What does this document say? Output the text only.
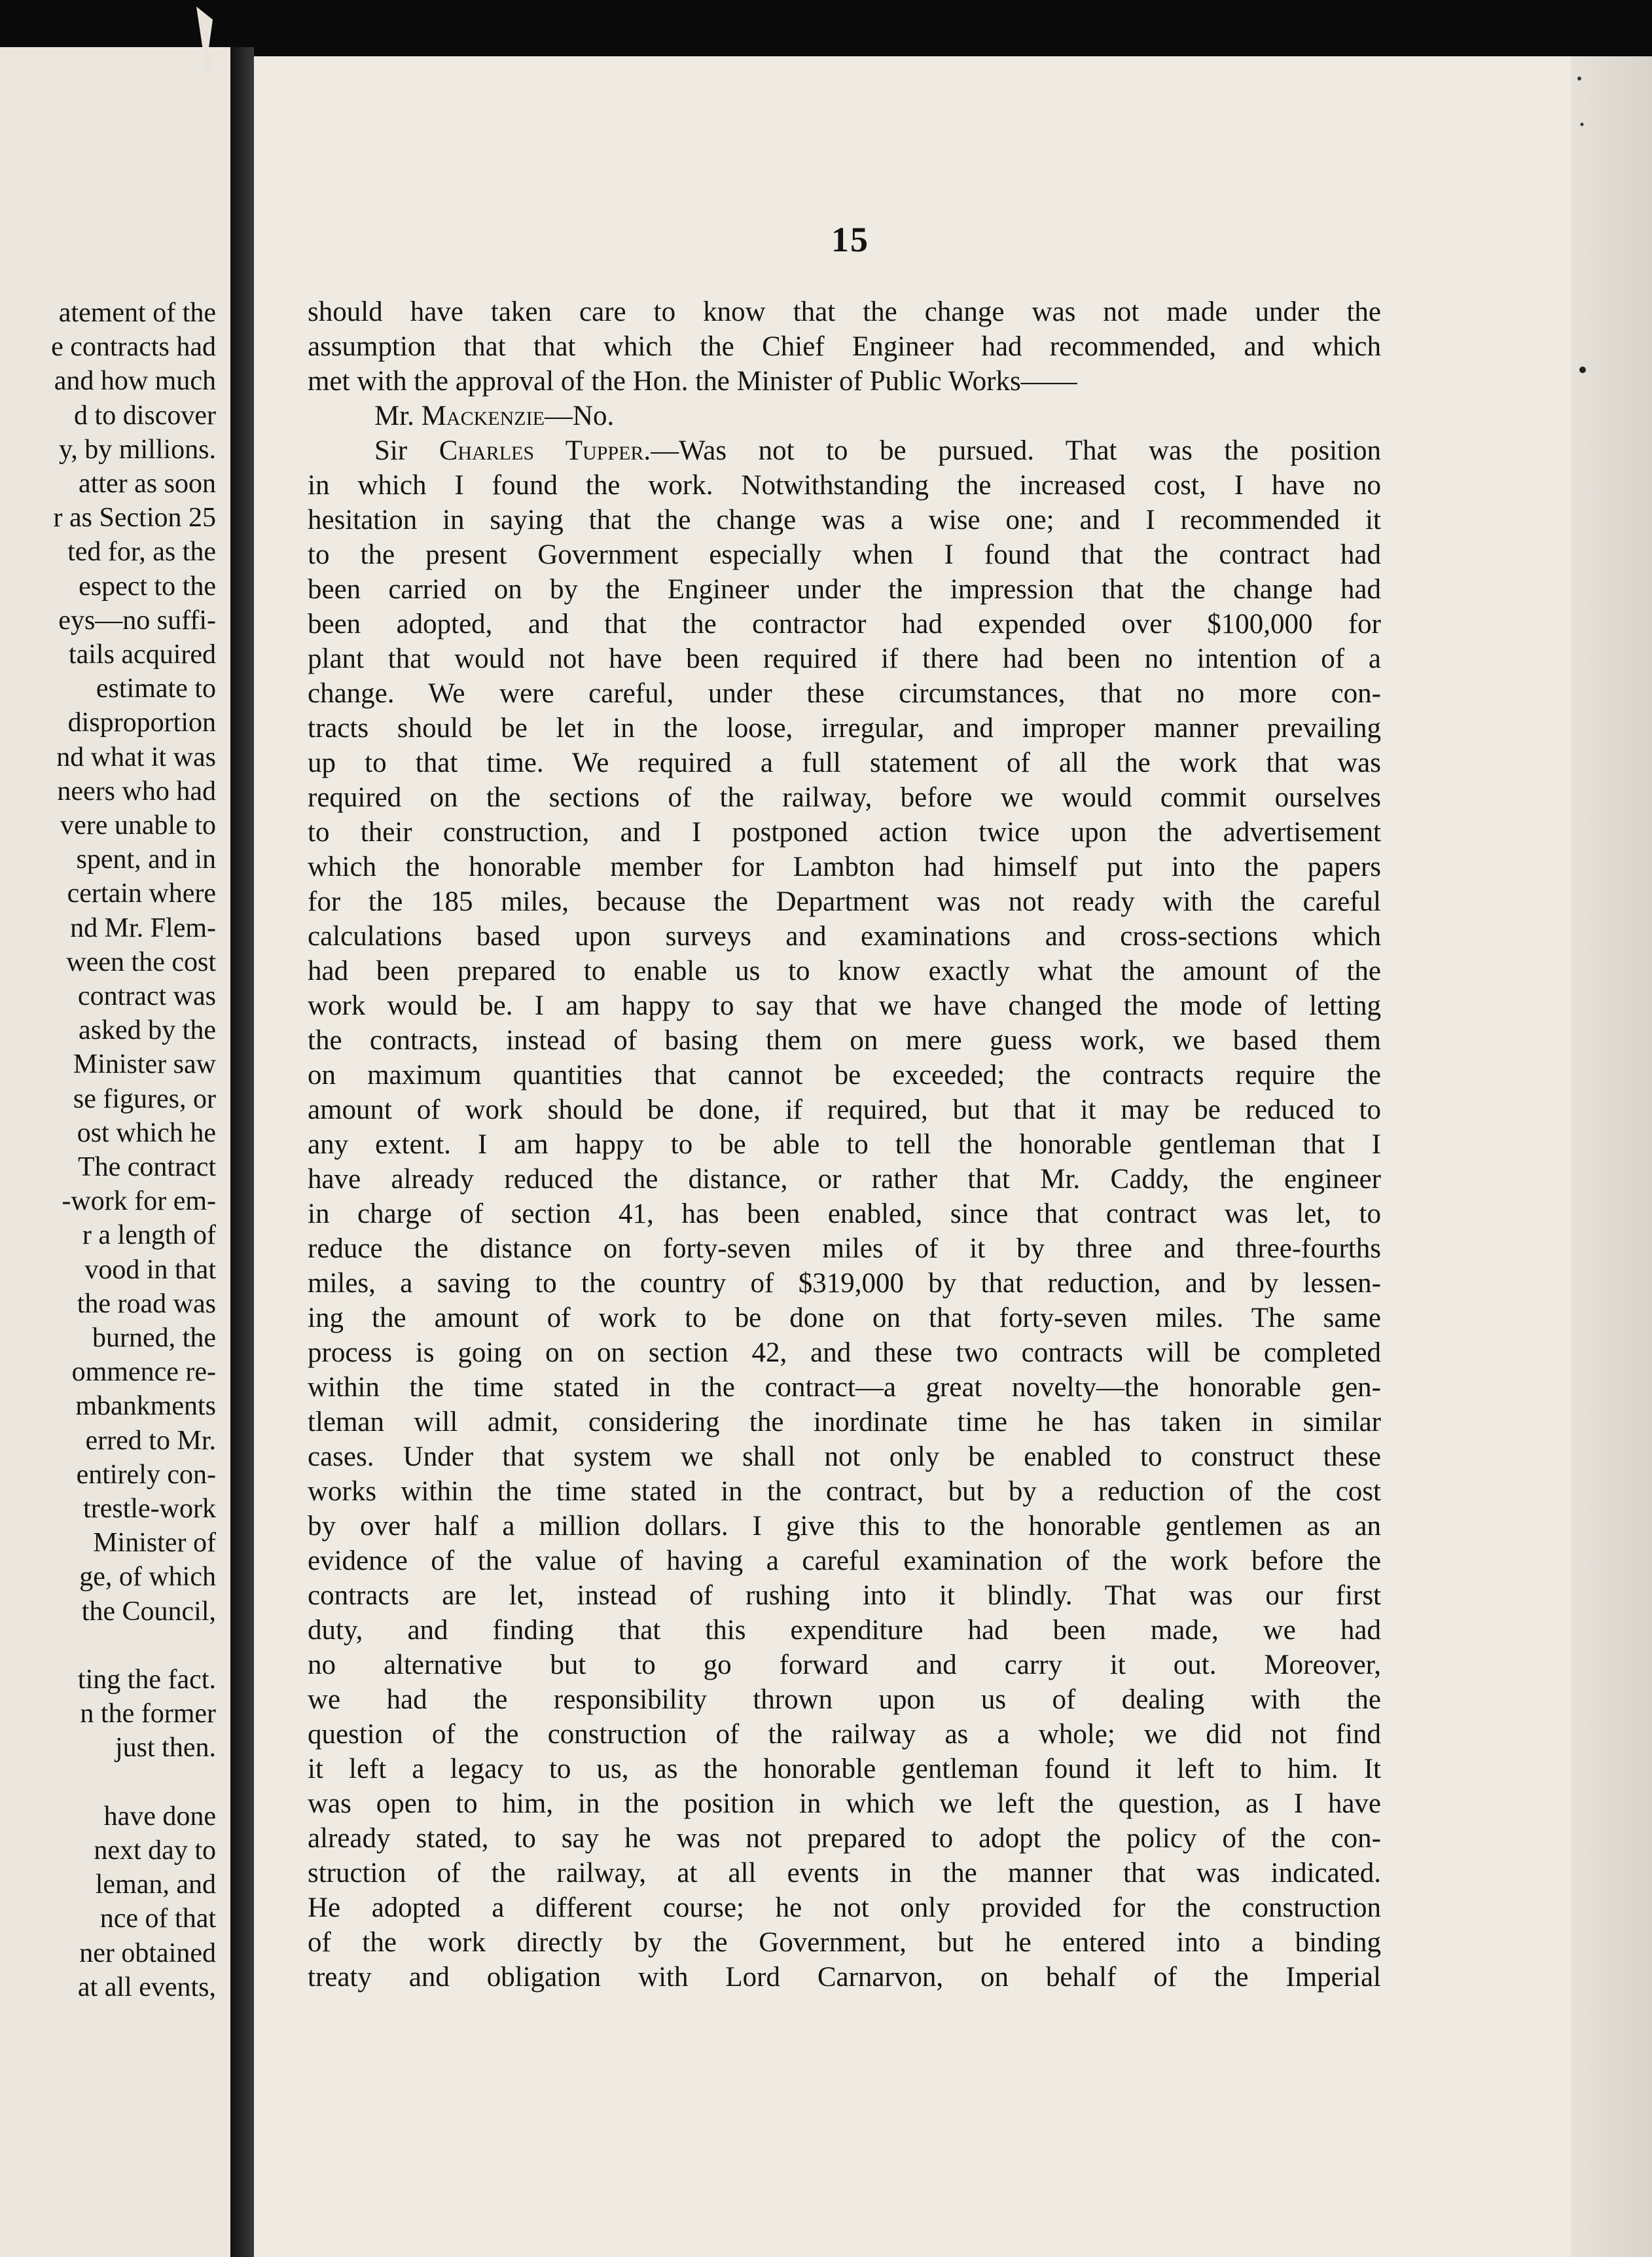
atement of the
e contracts had
and how much
d to discover
y, by millions.
atter as soon
r as Section 25
ted for, as the
espect to the
eys—no suffi-
tails acquired
estimate to
disproportion
nd what it was
neers who had
vere unable to
spent, and in
certain where
nd Mr. Flem-
ween the cost
contract was
asked by the
Minister saw
se figures, or
ost which he
The contract
-work for em-
r a length of
vood in that
the road was
burned, the
ommence re-
mbankments
erred to Mr.
entirely con-
trestle-work
Minister of
ge, of which
the Council,
ting the fact.
n the former
just then.
have done
next day to
leman, and
nce of that
ner obtained
at all events,
15
should have taken care to know that the change was not made under the
assumption that that which the Chief Engineer had recommended, and which
met with the approval of the Hon. the Minister of Public Works——
Mr. Mackenzie—No.
Sir Charles Tupper.—Was not to be pursued. That was the position
in which I found the work. Notwithstanding the increased cost, I have no
hesitation in saying that the change was a wise one; and I recommended it
to the present Government especially when I found that the contract had
been carried on by the Engineer under the impression that the change had
been adopted, and that the contractor had expended over $100,000 for
plant that would not have been required if there had been no intention of a
change. We were careful, under these circumstances, that no more con-
tracts should be let in the loose, irregular, and improper manner prevailing
up to that time. We required a full statement of all the work that was
required on the sections of the railway, before we would commit ourselves
to their construction, and I postponed action twice upon the advertisement
which the honorable member for Lambton had himself put into the papers
for the 185 miles, because the Department was not ready with the careful
calculations based upon surveys and examinations and cross-sections which
had been prepared to enable us to know exactly what the amount of the
work would be. I am happy to say that we have changed the mode of letting
the contracts, instead of basing them on mere guess work, we based them
on maximum quantities that cannot be exceeded; the contracts require the
amount of work should be done, if required, but that it may be reduced to
any extent. I am happy to be able to tell the honorable gentleman that I
have already reduced the distance, or rather that Mr. Caddy, the engineer
in charge of section 41, has been enabled, since that contract was let, to
reduce the distance on forty-seven miles of it by three and three-fourths
miles, a saving to the country of $319,000 by that reduction, and by lessen-
ing the amount of work to be done on that forty-seven miles. The same
process is going on on section 42, and these two contracts will be completed
within the time stated in the contract—a great novelty—the honorable gen-
tleman will admit, considering the inordinate time he has taken in similar
cases. Under that system we shall not only be enabled to construct these
works within the time stated in the contract, but by a reduction of the cost
by over half a million dollars. I give this to the honorable gentlemen as an
evidence of the value of having a careful examination of the work before the
contracts are let, instead of rushing into it blindly. That was our first
duty, and finding that this expenditure had been made, we had
no alternative but to go forward and carry it out. Moreover,
we had the responsibility thrown upon us of dealing with the
question of the construction of the railway as a whole; we did not find
it left a legacy to us, as the honorable gentleman found it left to him. It
was open to him, in the position in which we left the question, as I have
already stated, to say he was not prepared to adopt the policy of the con-
struction of the railway, at all events in the manner that was indicated.
He adopted a different course; he not only provided for the construction
of the work directly by the Government, but he entered into a binding
treaty and obligation with Lord Carnarvon, on behalf of the Imperial
